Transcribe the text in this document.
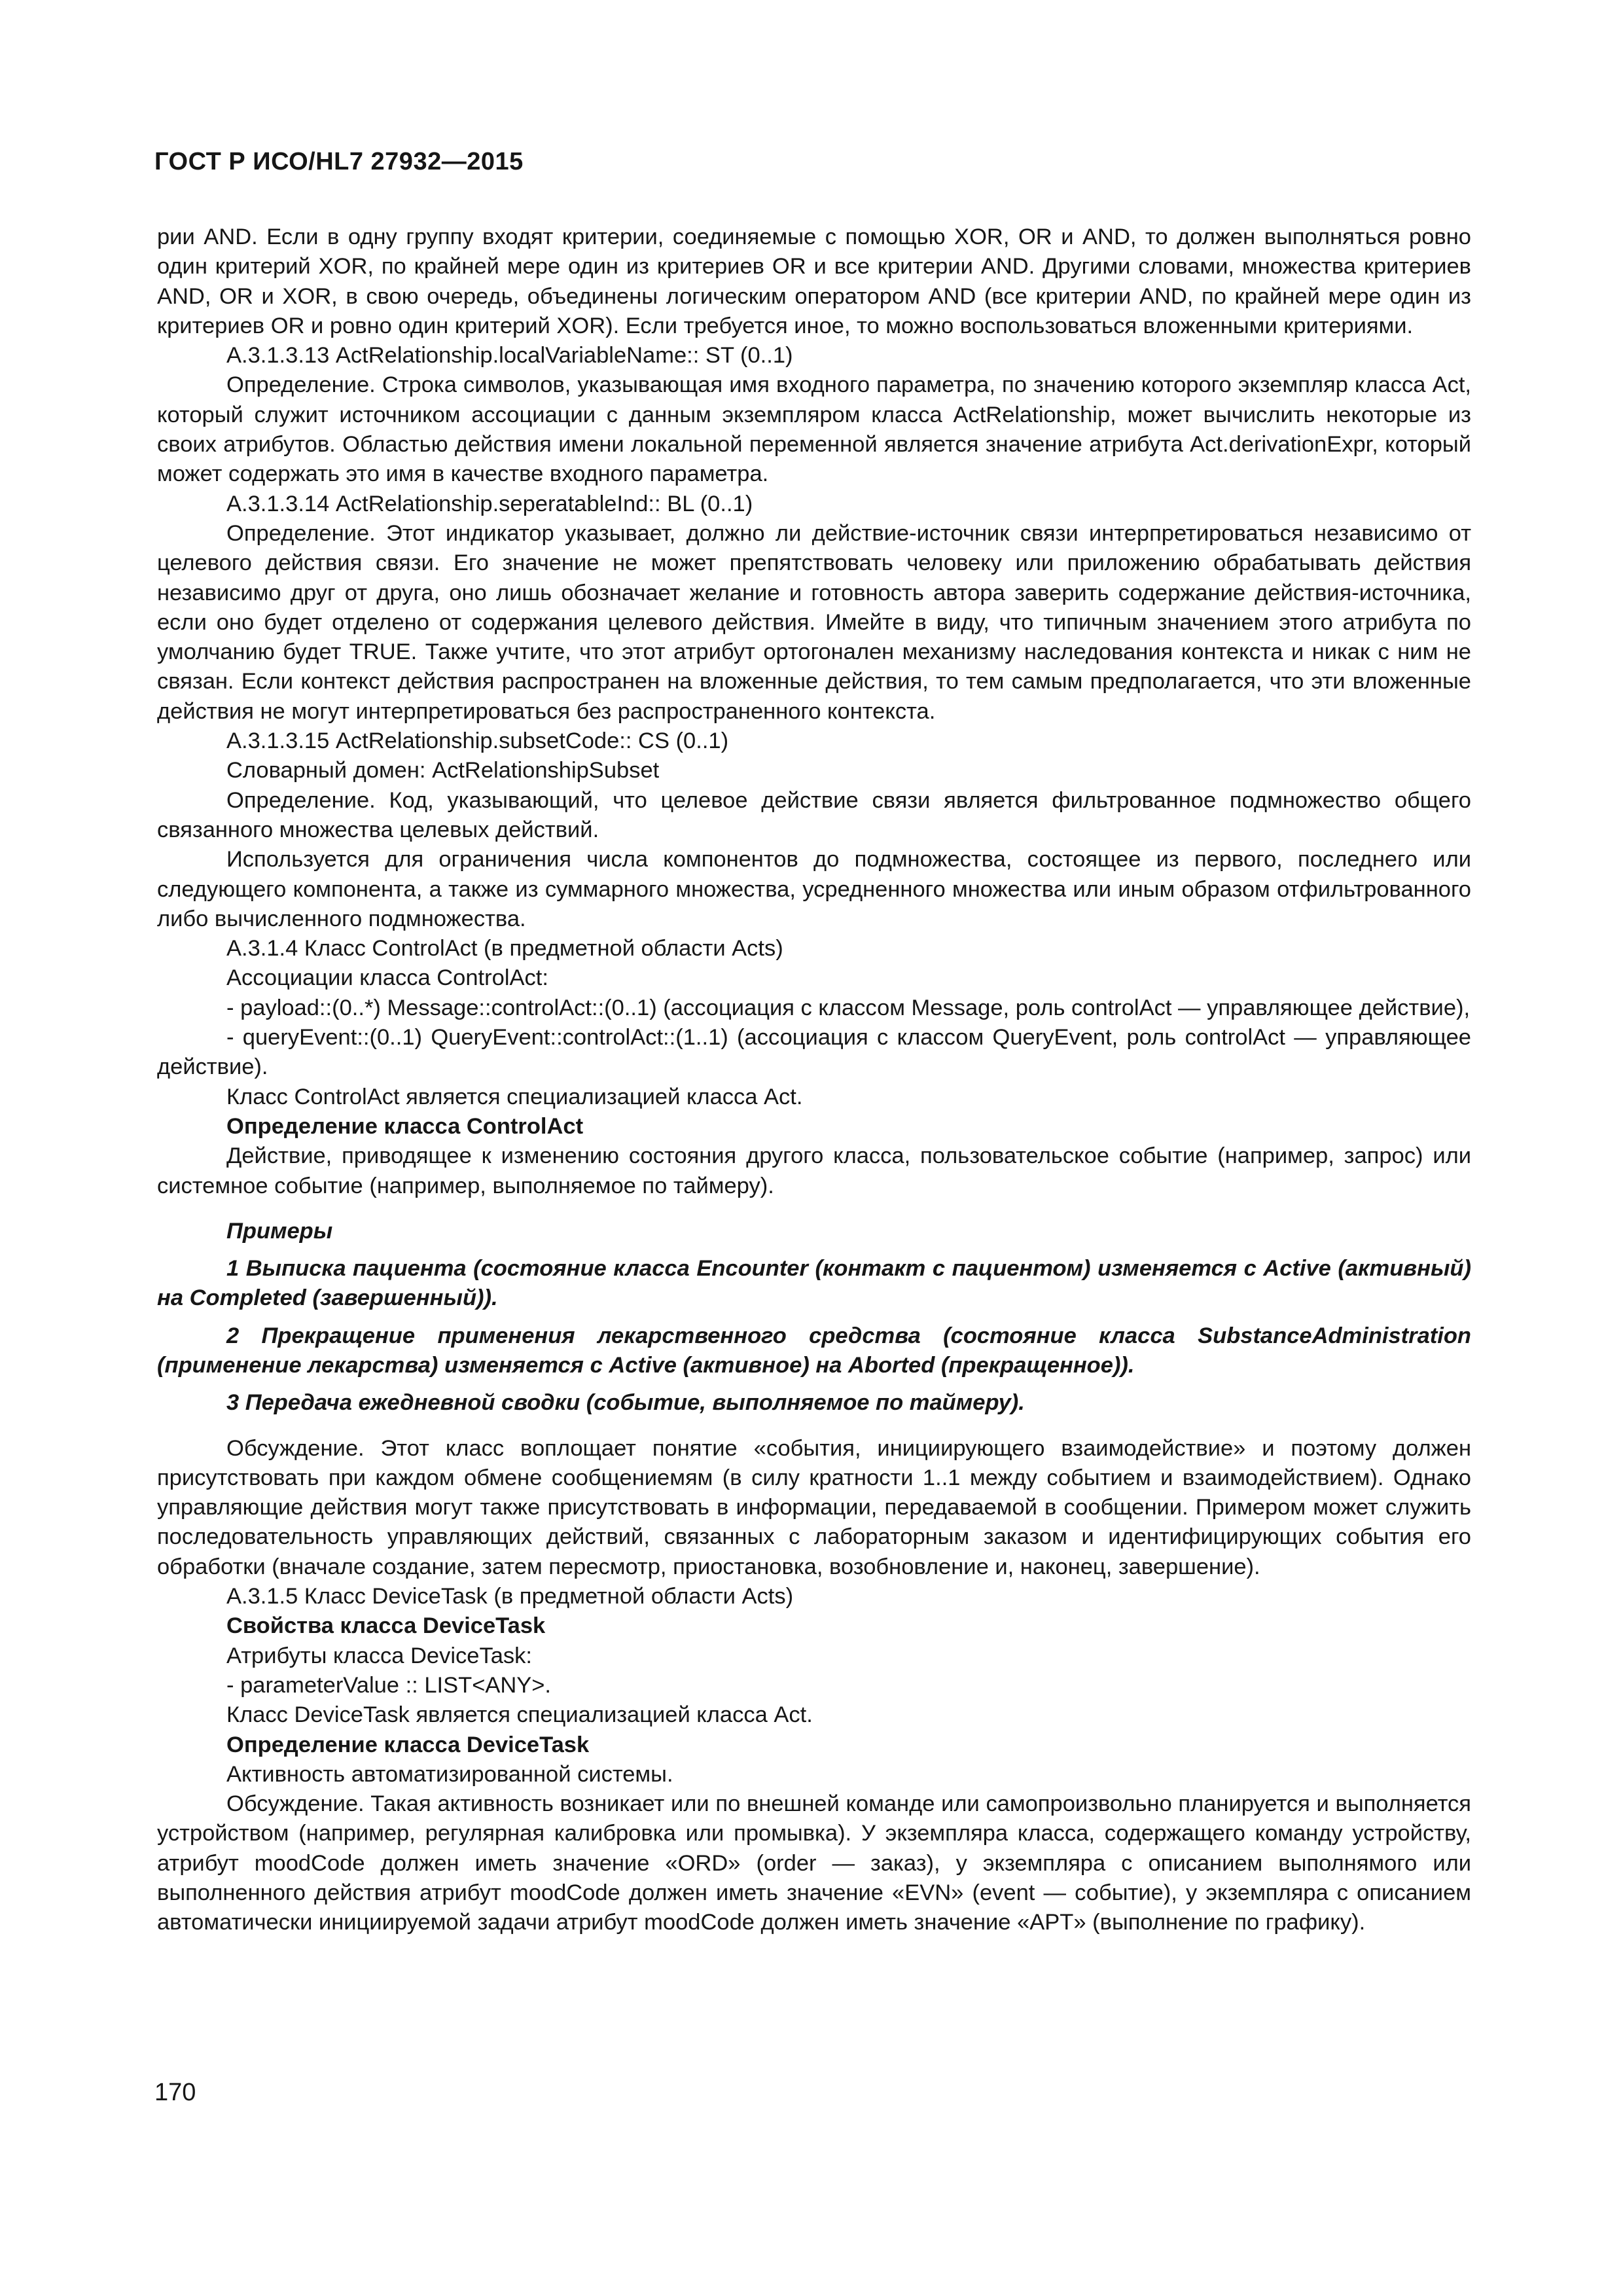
ГОСТ Р ИСО/HL7 27932—2015

рии AND. Если в одну группу входят критерии, соединяемые с помощью XOR, OR и AND, то должен выполняться ровно один критерий XOR, по крайней мере один из критериев OR и все критерии AND. Другими словами, множества критериев AND, OR и XOR, в свою очередь, объединены логическим оператором AND (все критерии AND, по крайней мере один из критериев OR и ровно один критерий XOR). Если требуется иное, то можно воспользоваться вложенными критериями.

А.3.1.3.13 ActRelationship.localVariableName:: ST (0..1)

Определение. Строка символов, указывающая имя входного параметра, по значению которого экземпляр класса Act, который служит источником ассоциации с данным экземпляром класса ActRelationship, может вычислить некоторые из своих атрибутов. Областью действия имени локальной переменной является значение атрибута Act.derivationExpr, который может содержать это имя в качестве входного параметра.

А.3.1.3.14 ActRelationship.seperatableInd:: BL (0..1)

Определение. Этот индикатор указывает, должно ли действие-источник связи интерпретироваться независимо от целевого действия связи. Его значение не может препятствовать человеку или приложению обрабатывать действия независимо друг от друга, оно лишь обозначает желание и готовность автора заверить содержание действия-источника, если оно будет отделено от содержания целевого действия. Имейте в виду, что типичным значением этого атрибута по умолчанию будет TRUE. Также учтите, что этот атрибут ортогонален механизму наследования контекста и никак с ним не связан. Если контекст действия распространен на вложенные действия, то тем самым предполагается, что эти вложенные действия не могут интерпретироваться без распространенного контекста.

А.3.1.3.15 ActRelationship.subsetCode:: CS (0..1)

Словарный домен: ActRelationshipSubset

Определение. Код, указывающий, что целевое действие связи является фильтрованное подмножество общего связанного множества целевых действий.

Используется для ограничения числа компонентов до подмножества, состоящее из первого, последнего или следующего компонента, а также из суммарного множества, усредненного множества или иным образом отфильтрованного либо вычисленного подмножества.

А.3.1.4 Класс ControlAct (в предметной области Acts)

Ассоциации класса ControlAct:

- payload::(0..*) Message::controlAct::(0..1) (ассоциация с классом Message, роль controlAct — управляющее действие),

- queryEvent::(0..1) QueryEvent::controlAct::(1..1) (ассоциация с классом QueryEvent, роль controlAct — управляющее действие).

Класс ControlAct является специализацией класса Act.

Определение класса ControlAct

Действие, приводящее к изменению состояния другого класса, пользовательское событие (например, запрос) или системное событие (например, выполняемое по таймеру).

Примеры

1 Выписка пациента (состояние класса Encounter (контакт с пациентом) изменяется с Active (активный) на Completed (завершенный)).

2 Прекращение применения лекарственного средства (состояние класса SubstanceAdministration (применение лекарства) изменяется с Active (активное) на Aborted (прекращенное)).

3 Передача ежедневной сводки (событие, выполняемое по таймеру).

Обсуждение. Этот класс воплощает понятие «события, инициирующего взаимодействие» и поэтому должен присутствовать при каждом обмене сообщениемям (в силу кратности 1..1 между событием и взаимодействием). Однако управляющие действия могут также присутствовать в информации, передаваемой в сообщении. Примером может служить последовательность управляющих действий, связанных с лабораторным заказом и идентифицирующих события его обработки (вначале создание, затем пересмотр, приостановка, возобновление и, наконец, завершение).

А.3.1.5 Класс DeviceTask (в предметной области Acts)

Свойства класса DeviceTask

Атрибуты класса DeviceTask:

- parameterValue :: LIST<ANY>.

Класс DeviceTask является специализацией класса Act.

Определение класса DeviceTask

Активность автоматизированной системы.

Обсуждение. Такая активность возникает или по внешней команде или самопроизвольно планируется и выполняется устройством (например, регулярная калибровка или промывка). У экземпляра класса, содержащего команду устройству, атрибут moodCode должен иметь значение «ORD» (order — заказ), у экземпляра с описанием выполнямого или выполненного действия атрибут moodCode должен иметь значение «EVN» (event — событие), у экземпляра с описанием автоматически инициируемой задачи атрибут moodCode должен иметь значение «APT» (выполнение по графику).

170
